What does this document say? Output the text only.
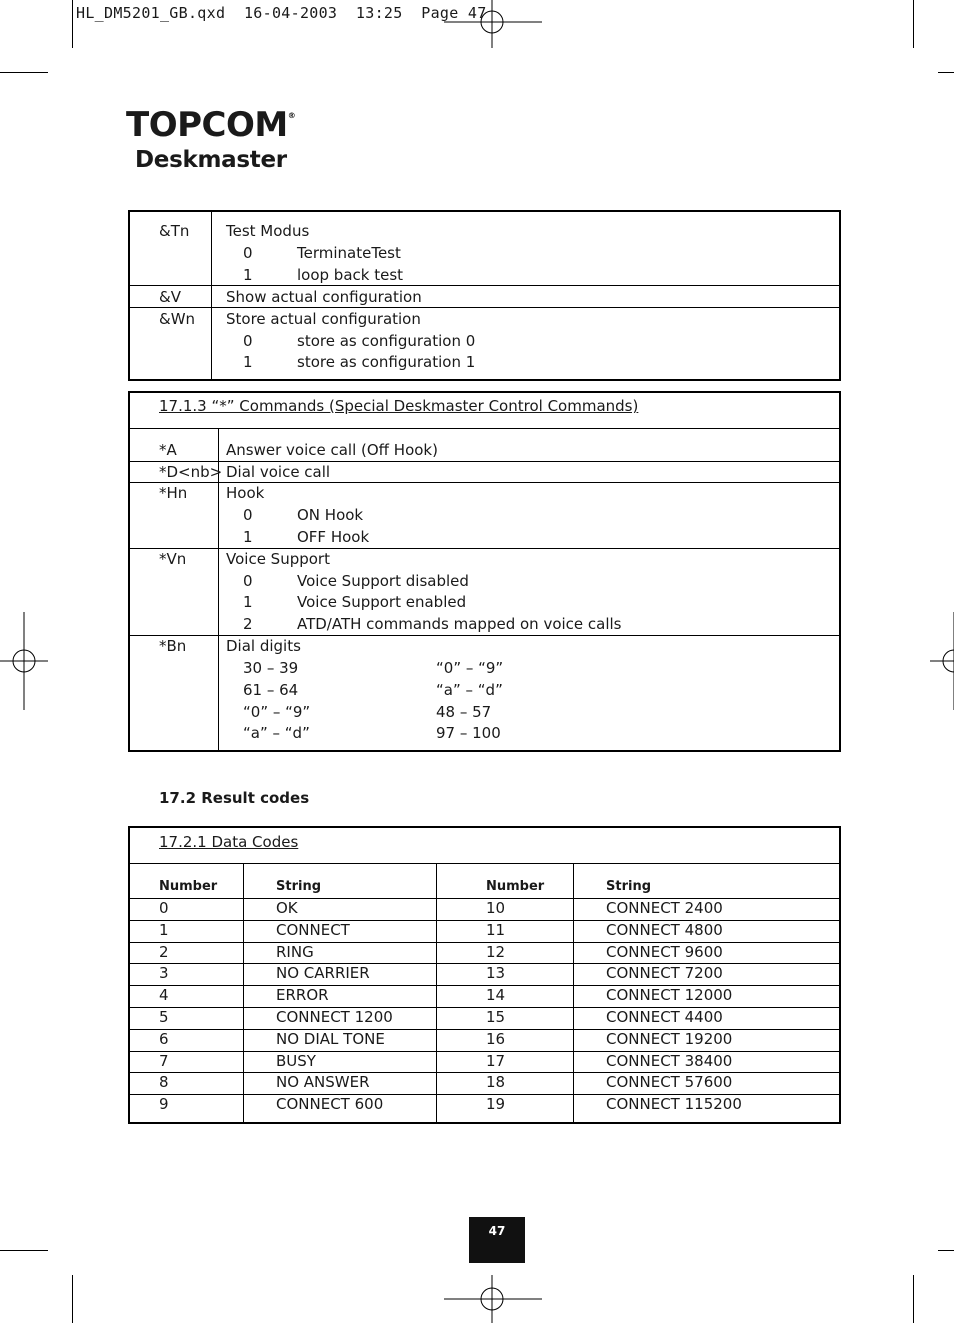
HL_DM5201_GB.qxd  16-04-2003  13:25  Page 47
TOPCOM®
Deskmaster
&Tn Test Modus
0	TerminateTest
1	loop back test
&V	Show actual configuration
&Wn Store actual configuration
0	store as configuration 0
1	store as configuration 1
17.1.3 “*” Commands (Special Deskmaster Control Commands)
*A	Answer voice call (Off Hook)
*D<nb> Dial voice call
*Hn	Hook
0	ON Hook
1	OFF Hook
*Vn	Voice Support
0	Voice Support disabled
1	Voice Support enabled
2	ATD/ATH commands mapped on voice calls
*Bn	Dial digits
30 – 39	“0” – “9”
61 – 64	“a” – “d”
“0” – “9”	48 – 57
“a” – “d”	97 – 100
17.2 Result codes
17.2.1 Data Codes
Number	String	Number	String
0	OK	10	CONNECT 2400
1	CONNECT	11	CONNECT 4800
2	RING	12	CONNECT 9600
3	NO CARRIER	13	CONNECT 7200
4	ERROR	14	CONNECT 12000
5	CONNECT 1200	15	CONNECT 4400
6	NO DIAL TONE	16	CONNECT 19200
7	BUSY	17	CONNECT 38400
8	NO ANSWER	18	CONNECT 57600
9	CONNECT 600	19	CONNECT 115200
47
